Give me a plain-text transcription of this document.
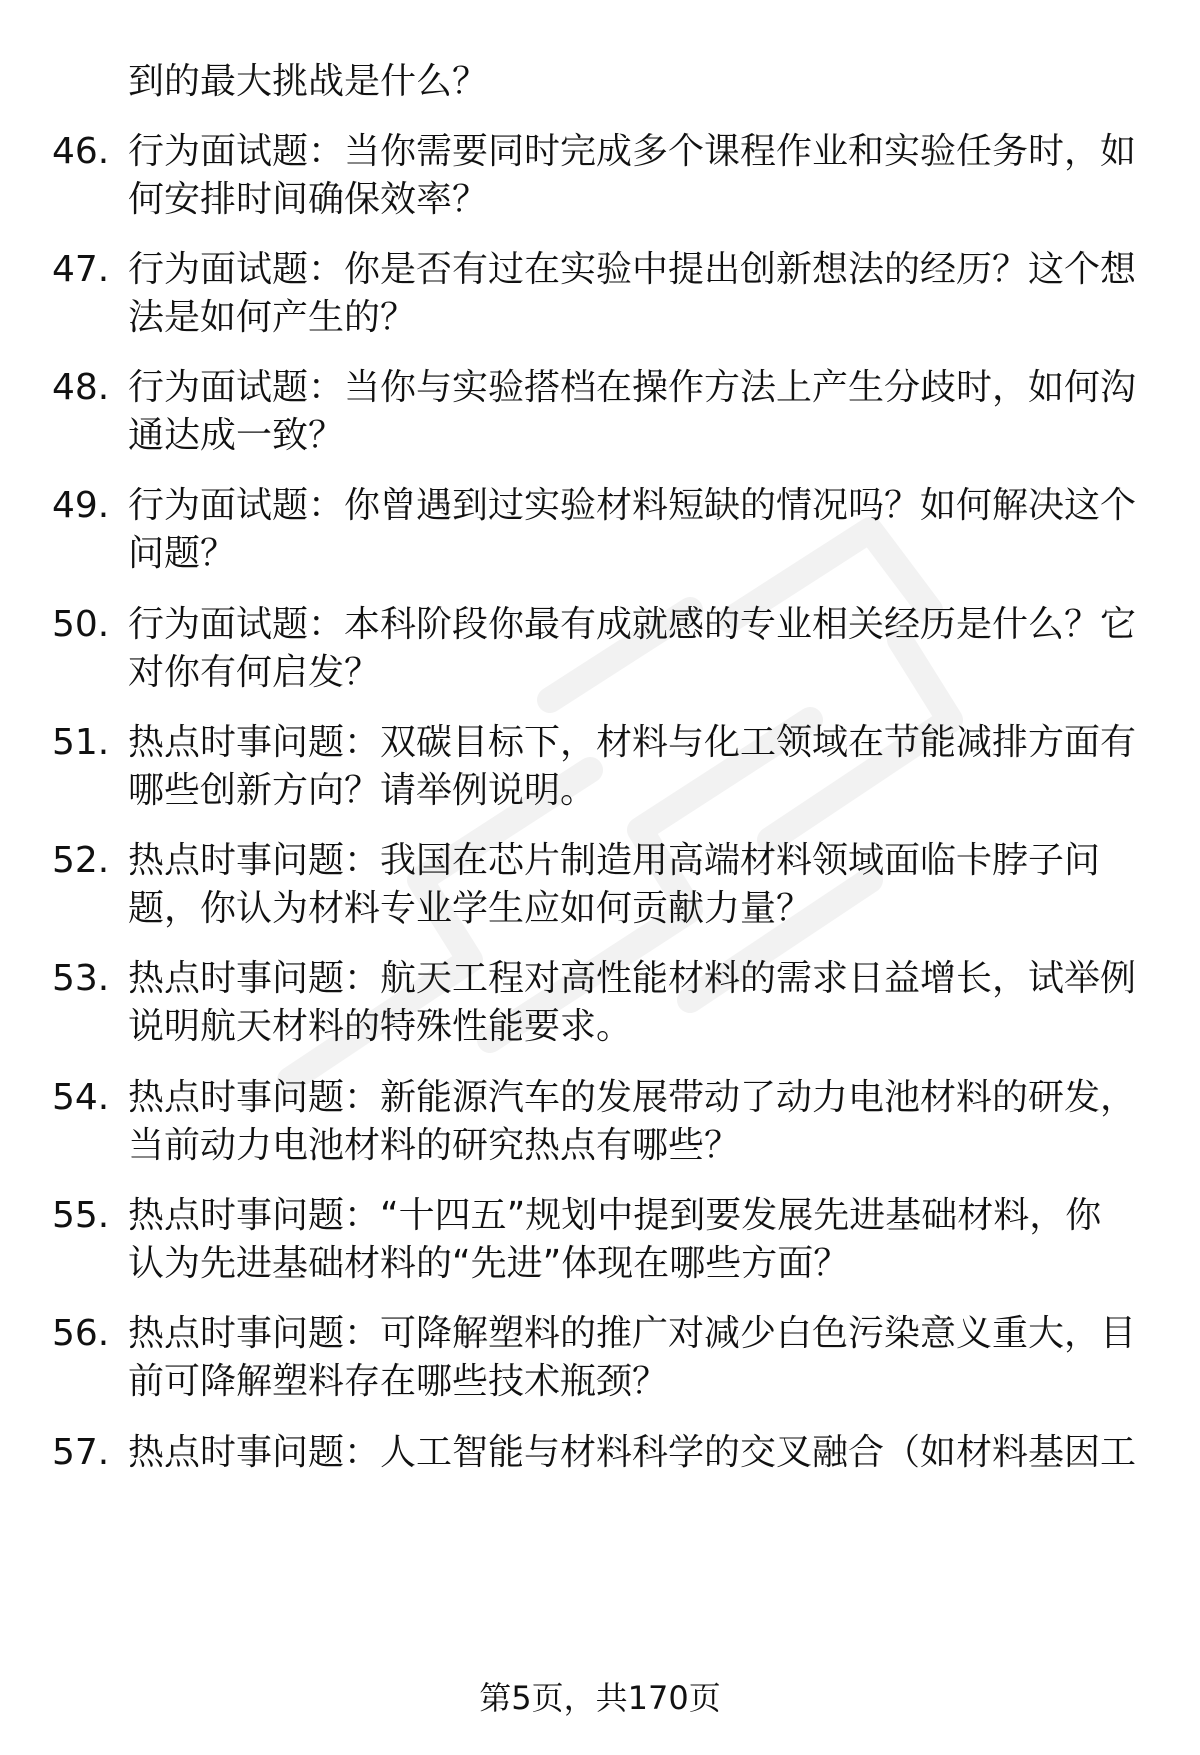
到的最大挑战是什么？
46. 行为面试题：当你需要同时完成多个课程作业和实验任务时，如
何安排时间确保效率？
47. 行为面试题：你是否有过在实验中提出创新想法的经历？这个想
法是如何产生的？
48. 行为面试题：当你与实验搭档在操作方法上产生分歧时，如何沟
通达成一致？
49. 行为面试题：你曾遇到过实验材料短缺的情况吗？如何解决这个
问题？
50. 行为面试题：本科阶段你最有成就感的专业相关经历是什么？它
对你有何启发？
51. 热点时事问题：双碳目标下，材料与化工领域在节能减排方面有
哪些创新方向？请举例说明。
52. 热点时事问题：我国在芯片制造用高端材料领域面临卡脖子问
题，你认为材料专业学生应如何贡献力量？
53. 热点时事问题：航天工程对高性能材料的需求日益增长，试举例
说明航天材料的特殊性能要求。
54. 热点时事问题：新能源汽车的发展带动了动力电池材料的研发，
当前动力电池材料的研究热点有哪些？
55. 热点时事问题：“十四五”规划中提到要发展先进基础材料，你
认为先进基础材料的“先进”体现在哪些方面？
56. 热点时事问题：可降解塑料的推广对减少白色污染意义重大，目
前可降解塑料存在哪些技术瓶颈？
57. 热点时事问题：人工智能与材料科学的交叉融合（如材料基因工
第5页，共170页
